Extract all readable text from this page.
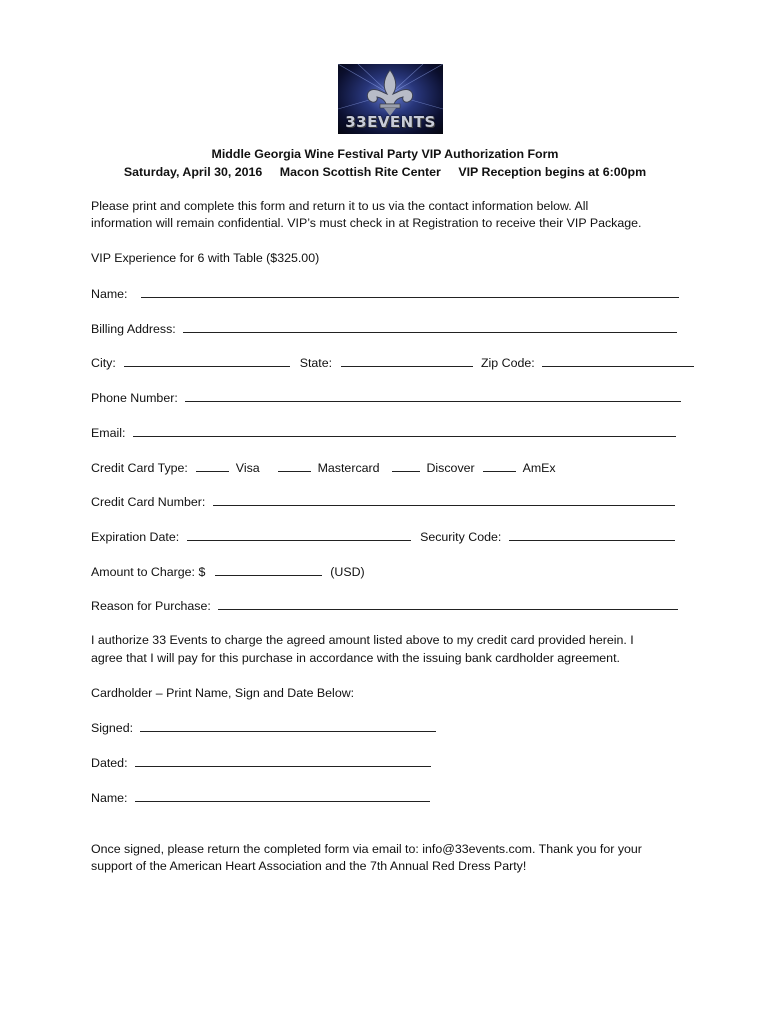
33EVENTS
Middle Georgia Wine Festival Party VIP Authorization Form
Saturday, April 30, 2016 Macon Scottish Rite Center VIP Reception begins at 6:00pm
Please print and complete this form and return it to us via the contact information below. All
information will remain confidential. VIP’s must check in at Registration to receive their VIP Package.
VIP Experience for 6 with Table ($325.00)
Name:
Billing Address:
City:	State:	Zip Code:
Phone Number:
Email:
Credit Card Type:	Visa	Mastercard	Discover	AmEx
Credit Card Number:
Expiration Date:	Security Code:
Amount to Charge: $	(USD)
Reason for Purchase:
I authorize 33 Events to charge the agreed amount listed above to my credit card provided herein. I
agree that I will pay for this purchase in accordance with the issuing bank cardholder agreement.
Cardholder – Print Name, Sign and Date Below:
Signed:
Dated:
Name:
Once signed, please return the completed form via email to: info@33events.com. Thank you for your
support of the American Heart Association and the 7th Annual Red Dress Party!
